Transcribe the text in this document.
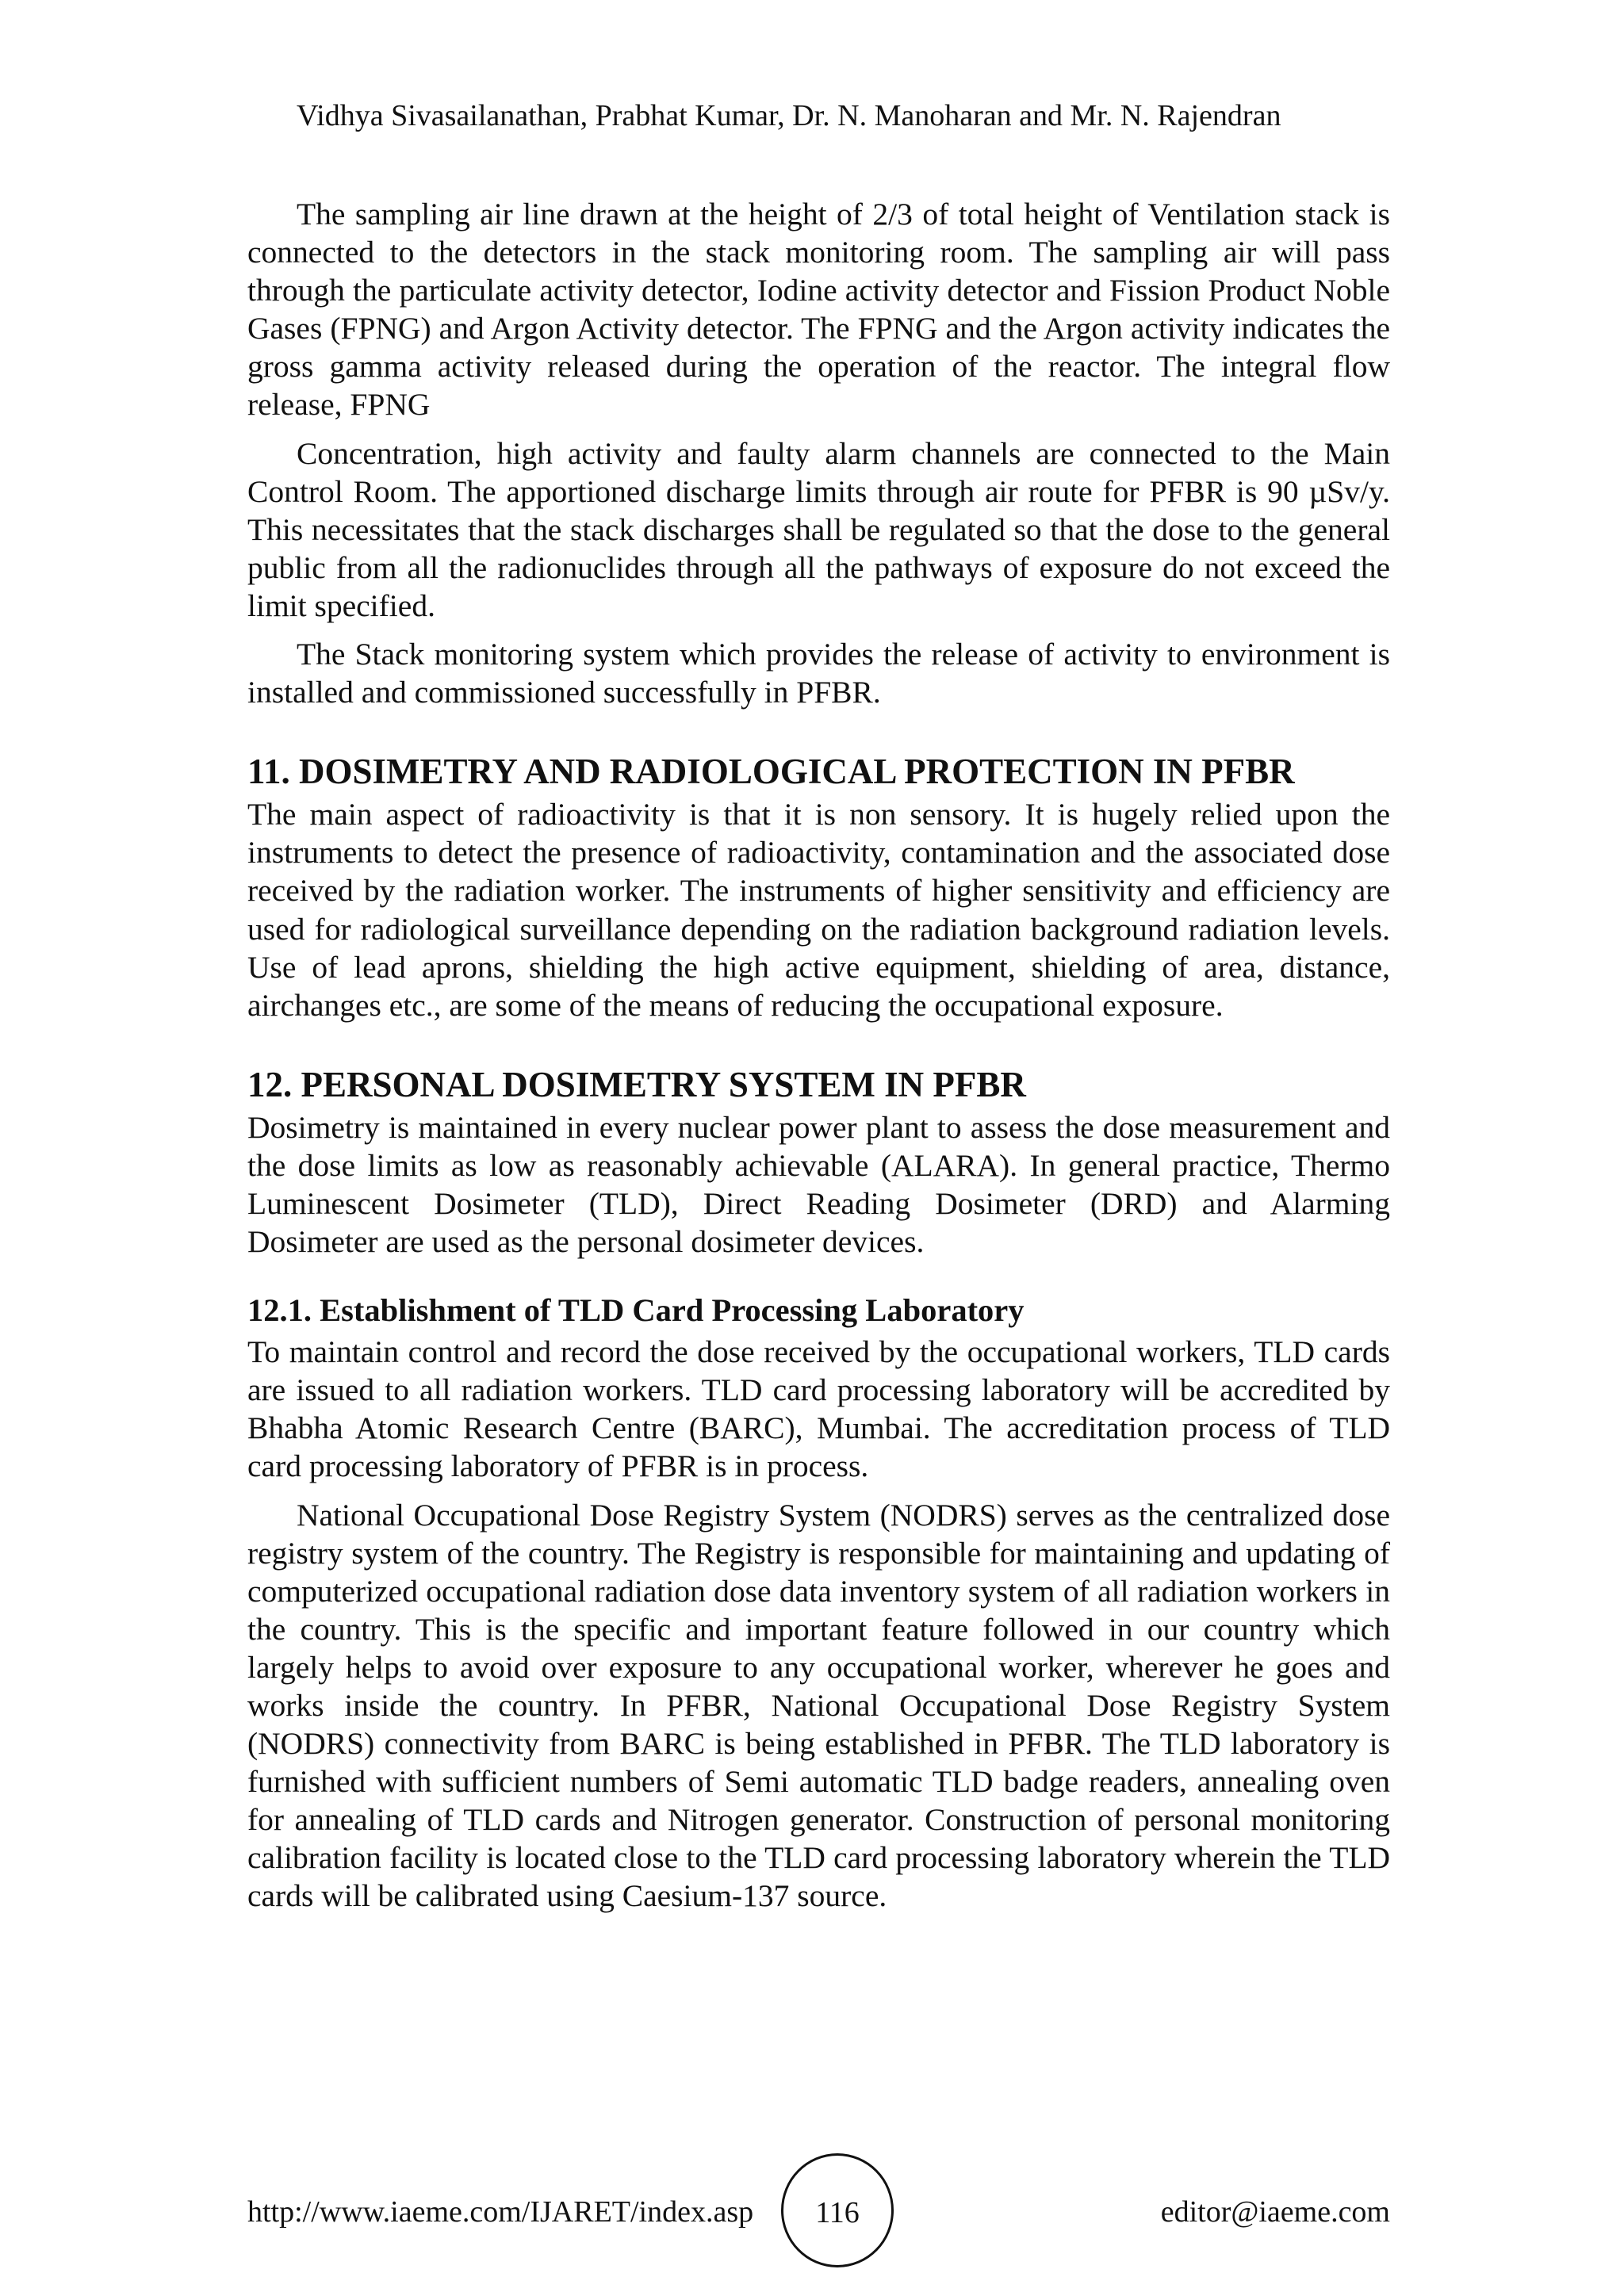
Vidhya Sivasailanathan, Prabhat Kumar, Dr. N. Manoharan and Mr. N. Rajendran

The sampling air line drawn at the height of 2/3 of total height of Ventilation stack is connected to the detectors in the stack monitoring room. The sampling air will pass through the particulate activity detector, Iodine activity detector and Fission Product Noble Gases (FPNG) and Argon Activity detector. The FPNG and the Argon activity indicates the gross gamma activity released during the operation of the reactor. The integral flow release, FPNG

Concentration, high activity and faulty alarm channels are connected to the Main Control Room. The apportioned discharge limits through air route for PFBR is 90 µSv/y. This necessitates that the stack discharges shall be regulated so that the dose to the general public from all the radionuclides through all the pathways of exposure do not exceed the limit specified.

The Stack monitoring system which provides the release of activity to environment is installed and commissioned successfully in PFBR.

11. DOSIMETRY AND RADIOLOGICAL PROTECTION IN PFBR

The main aspect of radioactivity is that it is non sensory. It is hugely relied upon the instruments to detect the presence of radioactivity, contamination and the associated dose received by the radiation worker. The instruments of higher sensitivity and efficiency are used for radiological surveillance depending on the radiation background radiation levels. Use of lead aprons, shielding the high active equipment, shielding of area, distance, airchanges etc., are some of the means of reducing the occupational exposure.

12. PERSONAL DOSIMETRY SYSTEM IN PFBR

Dosimetry is maintained in every nuclear power plant to assess the dose measurement and the dose limits as low as reasonably achievable (ALARA). In general practice, Thermo Luminescent Dosimeter (TLD), Direct Reading Dosimeter (DRD) and Alarming Dosimeter are used as the personal dosimeter devices.

12.1. Establishment of TLD Card Processing Laboratory

To maintain control and record the dose received by the occupational workers, TLD cards are issued to all radiation workers. TLD card processing laboratory will be accredited by Bhabha Atomic Research Centre (BARC), Mumbai. The accreditation process of TLD card processing laboratory of PFBR is in process.

National Occupational Dose Registry System (NODRS) serves as the centralized dose registry system of the country. The Registry is responsible for maintaining and updating of computerized occupational radiation dose data inventory system of all radiation workers in the country. This is the specific and important feature followed in our country which largely helps to avoid over exposure to any occupational worker, wherever he goes and works inside the country. In PFBR, National Occupational Dose Registry System (NODRS) connectivity from BARC is being established in PFBR. The TLD laboratory is furnished with sufficient numbers of Semi automatic TLD badge readers, annealing oven for annealing of TLD cards and Nitrogen generator. Construction of personal monitoring calibration facility is located close to the TLD card processing laboratory wherein the TLD cards will be calibrated using Caesium-137 source.

http://www.iaeme.com/IJARET/index.asp	116	editor@iaeme.com
